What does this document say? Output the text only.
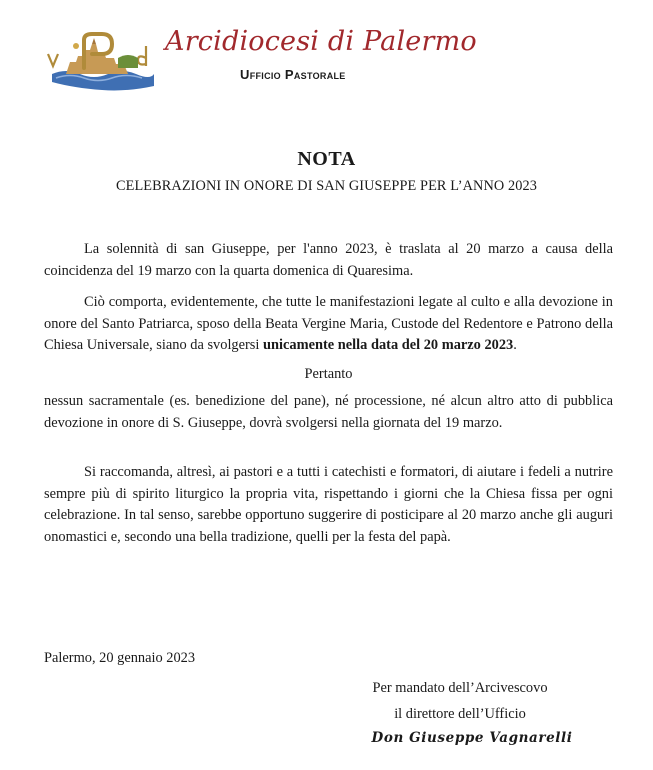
Arcidiocesi di Palermo
Ufficio Pastorale
NOTA
CELEBRAZIONI IN ONORE DI SAN GIUSEPPE PER L’ANNO 2023

La solennità di san Giuseppe, per l'anno 2023, è traslata al 20 marzo a causa della coincidenza del 19 marzo con la quarta domenica di Quaresima.

Ciò comporta, evidentemente, che tutte le manifestazioni legate al culto e alla devozione in onore del Santo Patriarca, sposo della Beata Vergine Maria, Custode del Redentore e Patrono della Chiesa Universale, siano da svolgersi unicamente nella data del 20 marzo 2023.

Pertanto

nessun sacramentale (es. benedizione del pane), né processione, né alcun altro atto di pubblica devozione in onore di S. Giuseppe, dovrà svolgersi nella giornata del 19 marzo.

Si raccomanda, altresì, ai pastori e a tutti i catechisti e formatori, di aiutare i fedeli a nutrire sempre più di spirito liturgico la propria vita, rispettando i giorni che la Chiesa fissa per ogni celebrazione. In tal senso, sarebbe opportuno suggerire di posticipare al 20 marzo anche gli auguri onomastici e, secondo una bella tradizione, quelli per la festa del papà.

Palermo, 20 gennaio 2023
Per mandato dell’Arcivescovo
il direttore dell’Ufficio
Don Giuseppe Vagnarelli
